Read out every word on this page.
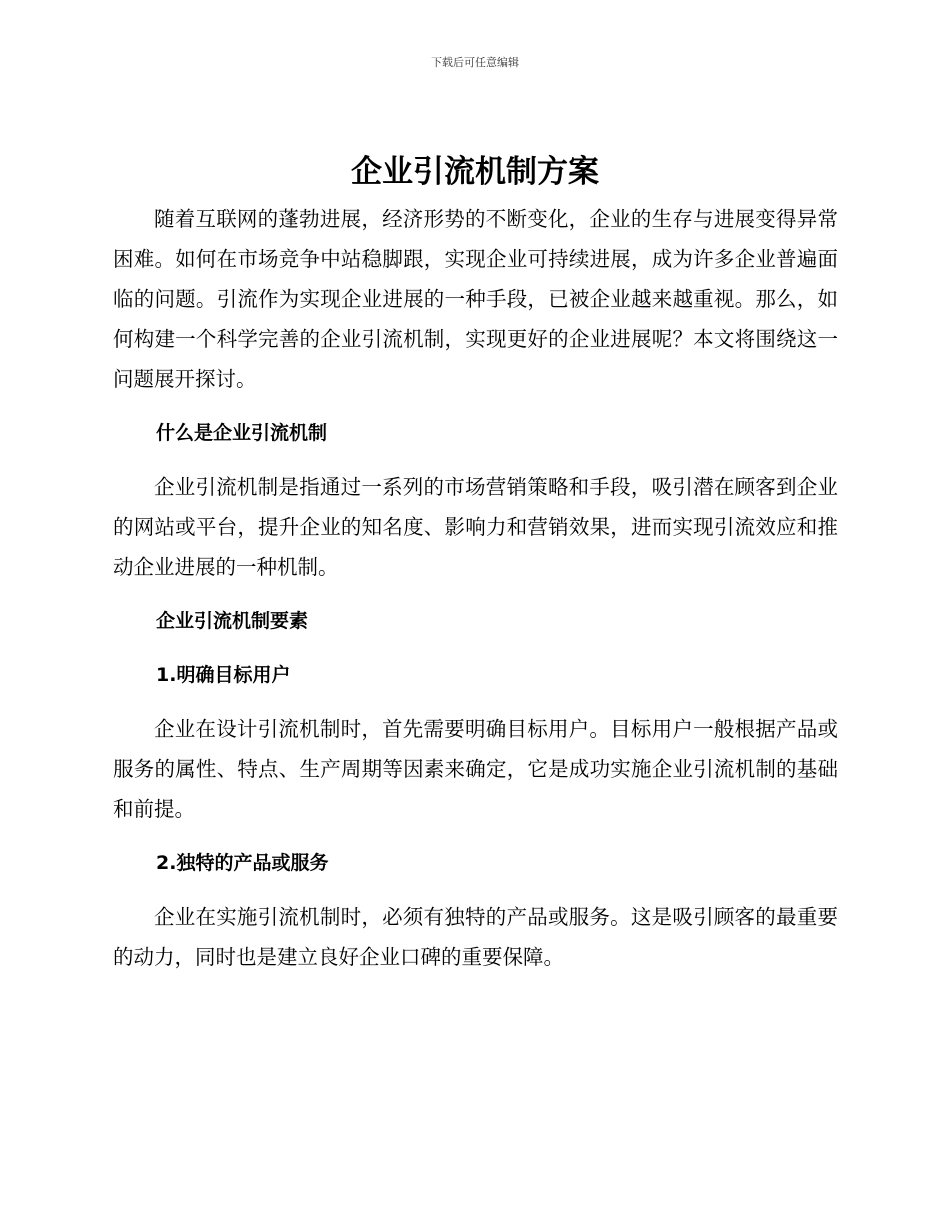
下载后可任意编辑
企业引流机制方案

随着互联网的蓬勃进展，经济形势的不断变化，企业的生存与进展变得异常困难。如何在市场竞争中站稳脚跟，实现企业可持续进展，成为许多企业普遍面临的问题。引流作为实现企业进展的一种手段，已被企业越来越重视。那么，如何构建一个科学完善的企业引流机制，实现更好的企业进展呢？本文将围绕这一问题展开探讨。

什么是企业引流机制

企业引流机制是指通过一系列的市场营销策略和手段，吸引潜在顾客到企业的网站或平台，提升企业的知名度、影响力和营销效果，进而实现引流效应和推动企业进展的一种机制。

企业引流机制要素

1.明确目标用户

企业在设计引流机制时，首先需要明确目标用户。目标用户一般根据产品或服务的属性、特点、生产周期等因素来确定，它是成功实施企业引流机制的基础和前提。

2.独特的产品或服务

企业在实施引流机制时，必须有独特的产品或服务。这是吸引顾客的最重要的动力，同时也是建立良好企业口碑的重要保障。
